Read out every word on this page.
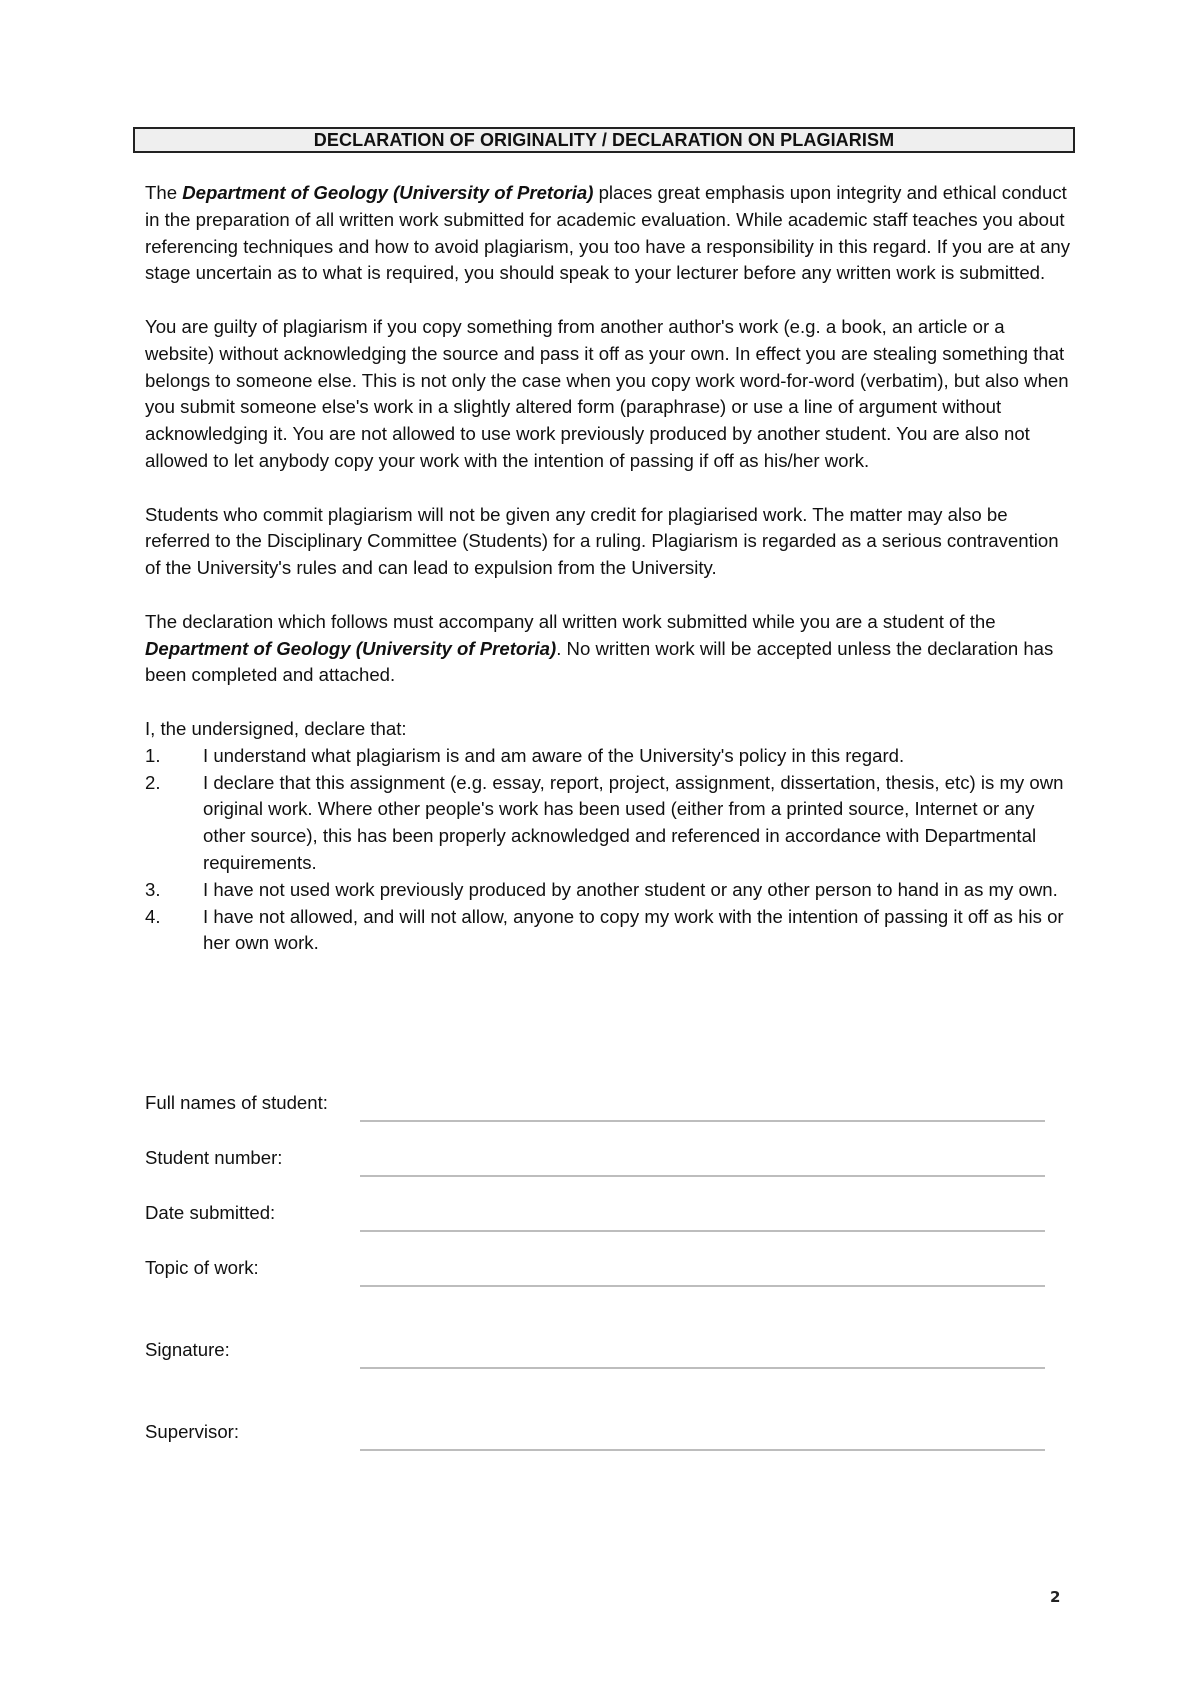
DECLARATION OF ORIGINALITY / DECLARATION ON PLAGIARISM

The Department of Geology (University of Pretoria) places great emphasis upon integrity and ethical conduct in the preparation of all written work submitted for academic evaluation. While academic staff teaches you about referencing techniques and how to avoid plagiarism, you too have a responsibility in this regard. If you are at any stage uncertain as to what is required, you should speak to your lecturer before any written work is submitted.

You are guilty of plagiarism if you copy something from another author's work (e.g. a book, an article or a website) without acknowledging the source and pass it off as your own. In effect you are stealing something that belongs to someone else. This is not only the case when you copy work word-for-word (verbatim), but also when you submit someone else's work in a slightly altered form (paraphrase) or use a line of argument without acknowledging it. You are not allowed to use work previously produced by another student. You are also not allowed to let anybody copy your work with the intention of passing if off as his/her work.

Students who commit plagiarism will not be given any credit for plagiarised work. The matter may also be referred to the Disciplinary Committee (Students) for a ruling. Plagiarism is regarded as a serious contravention of the University's rules and can lead to expulsion from the University.

The declaration which follows must accompany all written work submitted while you are a student of the Department of Geology (University of Pretoria). No written work will be accepted unless the declaration has been completed and attached.

I, the undersigned, declare that:

1.	I understand what plagiarism is and am aware of the University's policy in this regard.
2.	I declare that this assignment (e.g. essay, report, project, assignment, dissertation, thesis, etc) is my own original work. Where other people's work has been used (either from a printed source, Internet or any other source), this has been properly acknowledged and referenced in accordance with Departmental requirements.
3.	I have not used work previously produced by another student or any other person to hand in as my own.
4.	I have not allowed, and will not allow, anyone to copy my work with the intention of passing it off as his or her own work.
Full names of student:
Student number:
Date submitted:
Topic of work:
Signature:
Supervisor:
2
